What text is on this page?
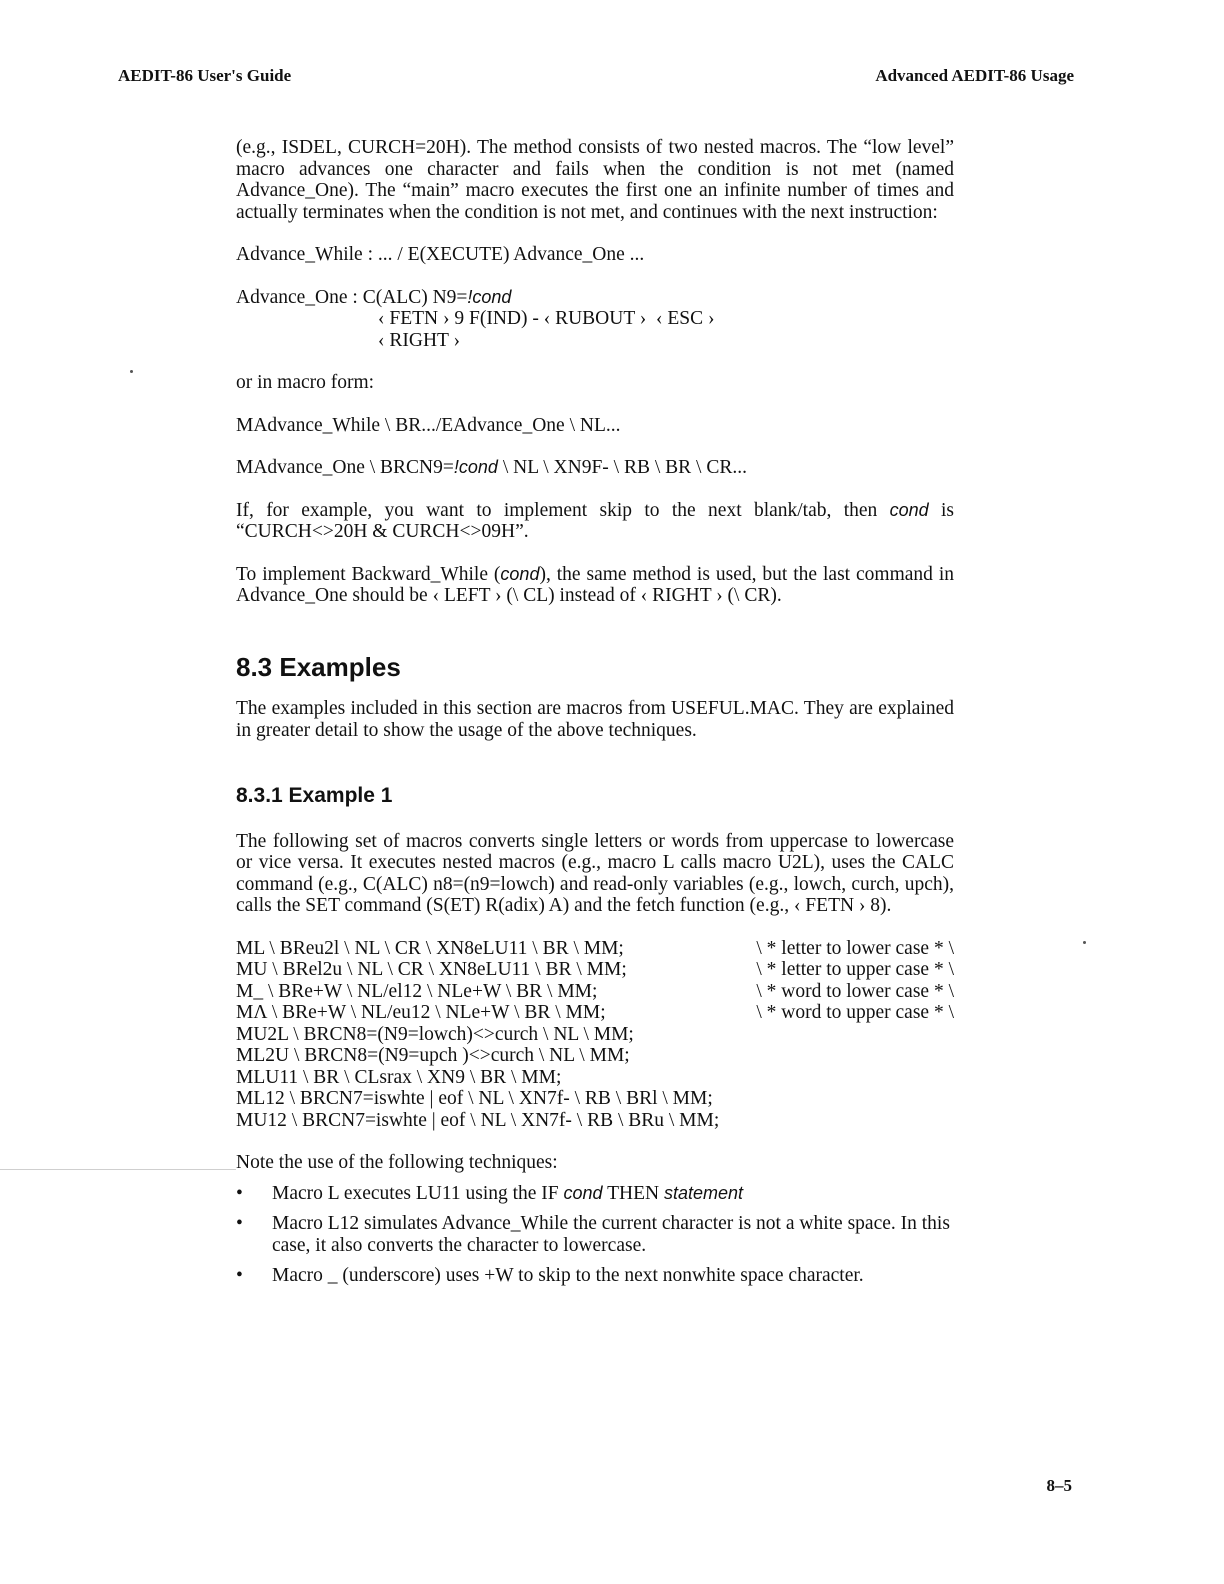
AEDIT-86 User's Guide	Advanced AEDIT-86 Usage

(e.g., ISDEL, CURCH=20H). The method consists of two nested macros. The “low level” macro advances one character and fails when the condition is not met (named Advance_One). The “main” macro executes the first one an infinite number of times and actually terminates when the condition is not met, and continues with the next instruction:

Advance_While : ... / E(XECUTE) Advance_One ...

Advance_One : C(ALC) N9=!cond

‹ FETN › 9 F(IND) - ‹ RUBOUT ›  ‹ ESC ›

‹ RIGHT ›

or in macro form:

MAdvance_While \ BR.../EAdvance_One \ NL...

MAdvance_One \ BRCN9=!cond \ NL \ XN9F- \ RB \ BR \ CR...

If, for example, you want to implement skip to the next blank/tab, then cond is “CURCH<>20H & CURCH<>09H”.

To implement Backward_While (cond), the same method is used, but the last command in Advance_One should be ‹ LEFT › (\ CL) instead of ‹ RIGHT › (\ CR).

8.3 Examples

The examples included in this section are macros from USEFUL.MAC. They are explained in greater detail to show the usage of the above techniques.

8.3.1 Example 1

The following set of macros converts single letters or words from uppercase to lowercase or vice versa. It executes nested macros (e.g., macro L calls macro U2L), uses the CALC command (e.g., C(ALC) n8=(n9=lowch) and read-only variables (e.g., lowch, curch, upch), calls the SET command (S(ET) R(adix) A) and the fetch function (e.g., ‹ FETN › 8).

ML \ BReu2l \ NL \ CR \ XN8eLU11 \ BR \ MM;	\ * letter to lower case * \
MU \ BRel2u \ NL \ CR \ XN8eLU11 \ BR \ MM;	\ * letter to upper case * \
M_ \ BRe+W \ NL/el12 \ NLe+W \ BR \ MM;	\ * word to lower case * \
MΛ \ BRe+W \ NL/eu12 \ NLe+W \ BR \ MM;	\ * word to upper case * \
MU2L \ BRCN8=(N9=lowch)<>curch \ NL \ MM;	
ML2U \ BRCN8=(N9=upch )<>curch \ NL \ MM;	
MLU11 \ BR \ CLsrax \ XN9 \ BR \ MM;	
ML12 \ BRCN7=iswhte | eof \ NL \ XN7f- \ RB \ BRl \ MM;	
MU12 \ BRCN7=iswhte | eof \ NL \ XN7f- \ RB \ BRu \ MM;	

Note the use of the following techniques:

• Macro L executes LU11 using the IF cond THEN statement
• Macro L12 simulates Advance_While the current character is not a white space. In this case, it also converts the character to lowercase.
• Macro _ (underscore) uses +W to skip to the next nonwhite space character.
8–5
